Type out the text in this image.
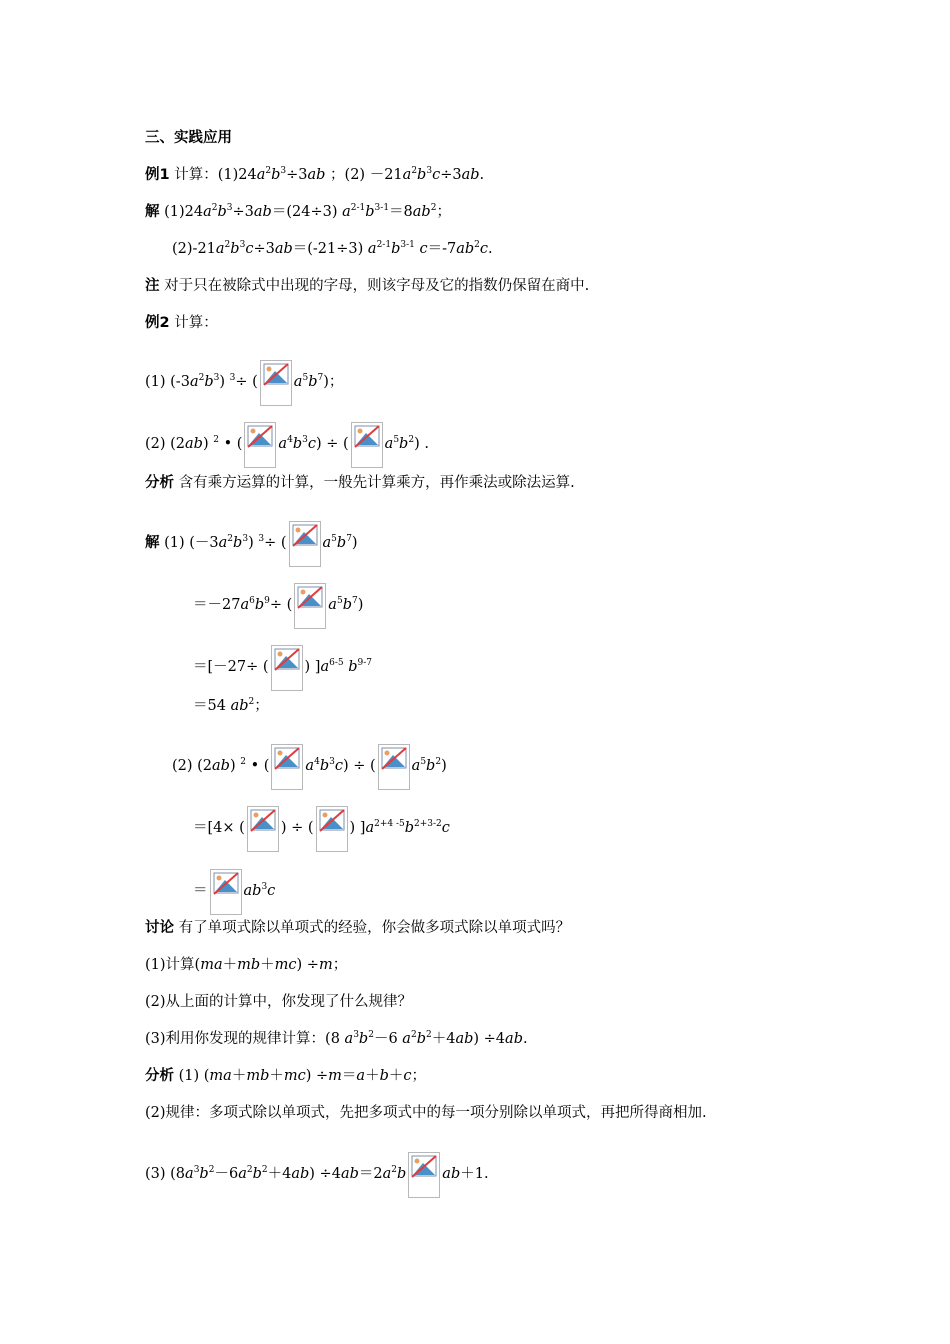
三、实践应用
例1 计算：$(1)24a^2b^3\div 3ab$ ；$(2) -21a^2b^3c\div 3ab$.
解 $(1)24a^2b^3\div 3ab=(24\div 3)$ $a^{2-1}b^{3-1}=8ab^2$；
$(2)-21a^2b^3c\div 3ab=(-21\div 3)$ $a^{2-1}b^{3-1}$ $c=-7ab^2c$.
注 对于只在被除式中出现的字母，则该字母及它的指数仍保留在商中.
例2 计算：
(1) $(-3a^2b^3)$ $^3$÷ ( $a^5b^7$)；
(2) (2ab) $^2$ • ( $a^4b^3c$) ÷ ( $a^5b^2$) .
分析 含有乘方运算的计算，一般先计算乘方，再作乘法或除法运算.
解 (1) $(-3a^2b^3)$ $^3$÷ ( $a^5b^7$)
$=-27a^6b^9\div$ ( $a^5b^7$)
＝[－27÷ ( ) ]$a^{6-5}$ $b^{9-7}$
＝54 $ab^2$；
(2) (2ab) $^2$ • ( $a^4b^3c$) ÷ ( $a^5b^2$)
＝[4× ( ) ÷ ( ) ]$a^{2+4 -5}b^{2+3-2}c$
＝ $ab^3c$
讨论 有了单项式除以单项式的经验，你会做多项式除以单项式吗？
(1)计算(ma＋mb＋mc) ÷m；
(2)从上面的计算中，你发现了什么规律？
(3)利用你发现的规律计算：(8 $a^3b^2-6$ $a^2b^2+4ab) \div 4ab$.
分析 (1) (ma＋mb＋mc) ÷m＝a＋b＋c；
(2)规律：多项式除以单项式，先把多项式中的每一项分别除以单项式，再把所得商相加.
(3) $(8a^3b^2-6a^2b^2+4ab) \div 4ab=2a^2b$ ab＋1.
